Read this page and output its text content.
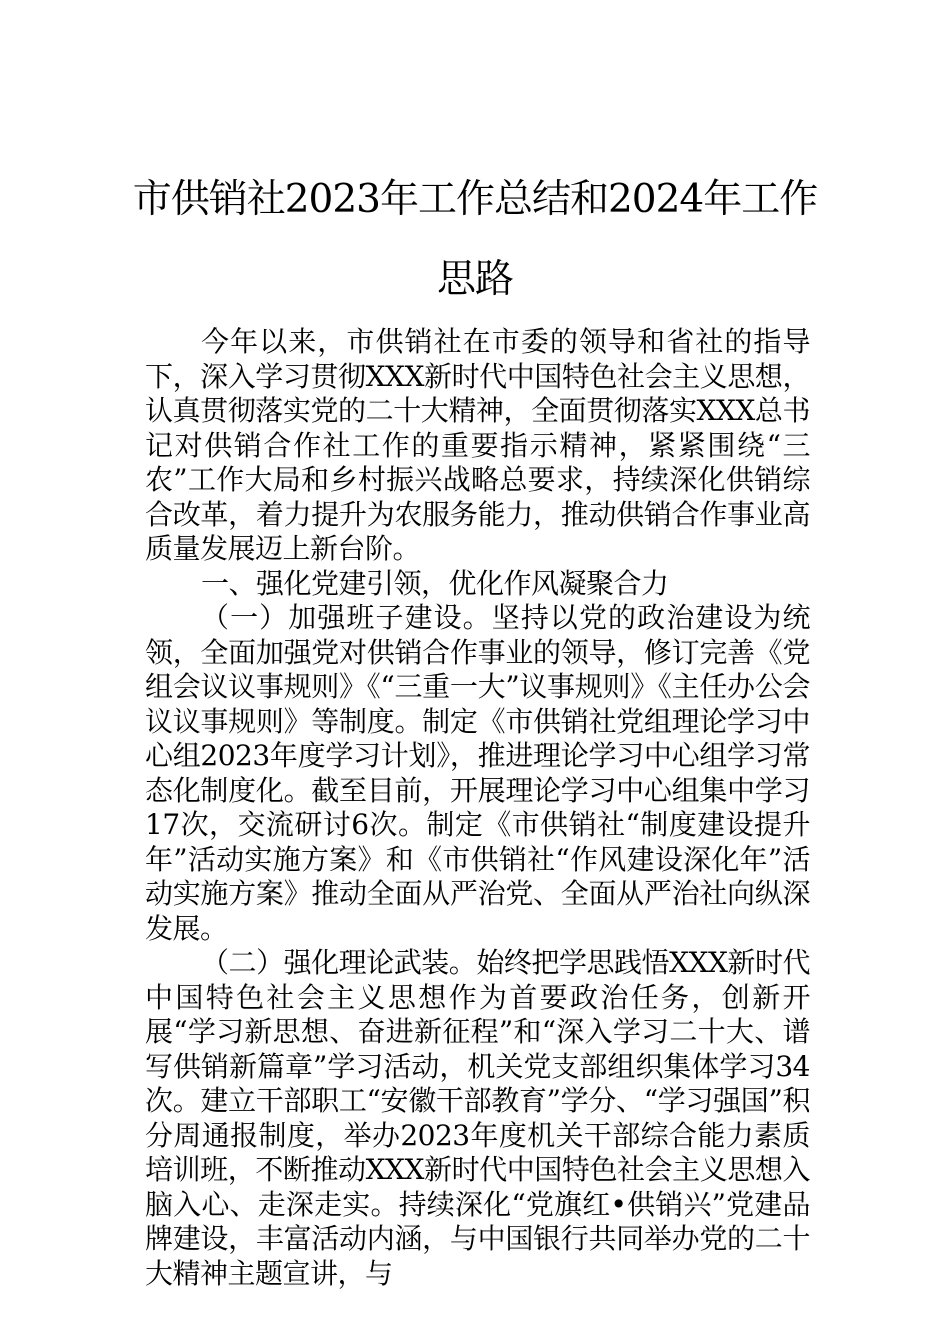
市供销社2023年工作总结和2024年工作思路

今年以来，市供销社在市委的领导和省社的指导下，深入学习贯彻XXX新时代中国特色社会主义思想，认真贯彻落实党的二十大精神，全面贯彻落实XXX总书记对供销合作社工作的重要指示精神，紧紧围绕“三农”工作大局和乡村振兴战略总要求，持续深化供销综合改革，着力提升为农服务能力，推动供销合作事业高质量发展迈上新台阶。

一、强化党建引领，优化作风凝聚合力

（一）加强班子建设。坚持以党的政治建设为统领，全面加强党对供销合作事业的领导，修订完善《党组会议议事规则》《“三重一大”议事规则》《主任办公会议议事规则》等制度。制定《市供销社党组理论学习中心组2023年度学习计划》，推进理论学习中心组学习常态化制度化。截至目前，开展理论学习中心组集中学习17次，交流研讨6次。制定《市供销社“制度建设提升年”活动实施方案》和《市供销社“作风建设深化年”活动实施方案》推动全面从严治党、全面从严治社向纵深发展。

（二）强化理论武装。始终把学思践悟XXX新时代中国特色社会主义思想作为首要政治任务，创新开展“学习新思想、奋进新征程”和“深入学习二十大、谱写供销新篇章”学习活动，机关党支部组织集体学习34次。建立干部职工“安徽干部教育”学分、“学习强国”积分周通报制度，举办2023年度机关干部综合能力素质培训班，不断推动XXX新时代中国特色社会主义思想入脑入心、走深走实。持续深化“党旗红•供销兴”党建品牌建设，丰富活动内涵，与中国银行共同举办党的二十大精神主题宣讲，与
